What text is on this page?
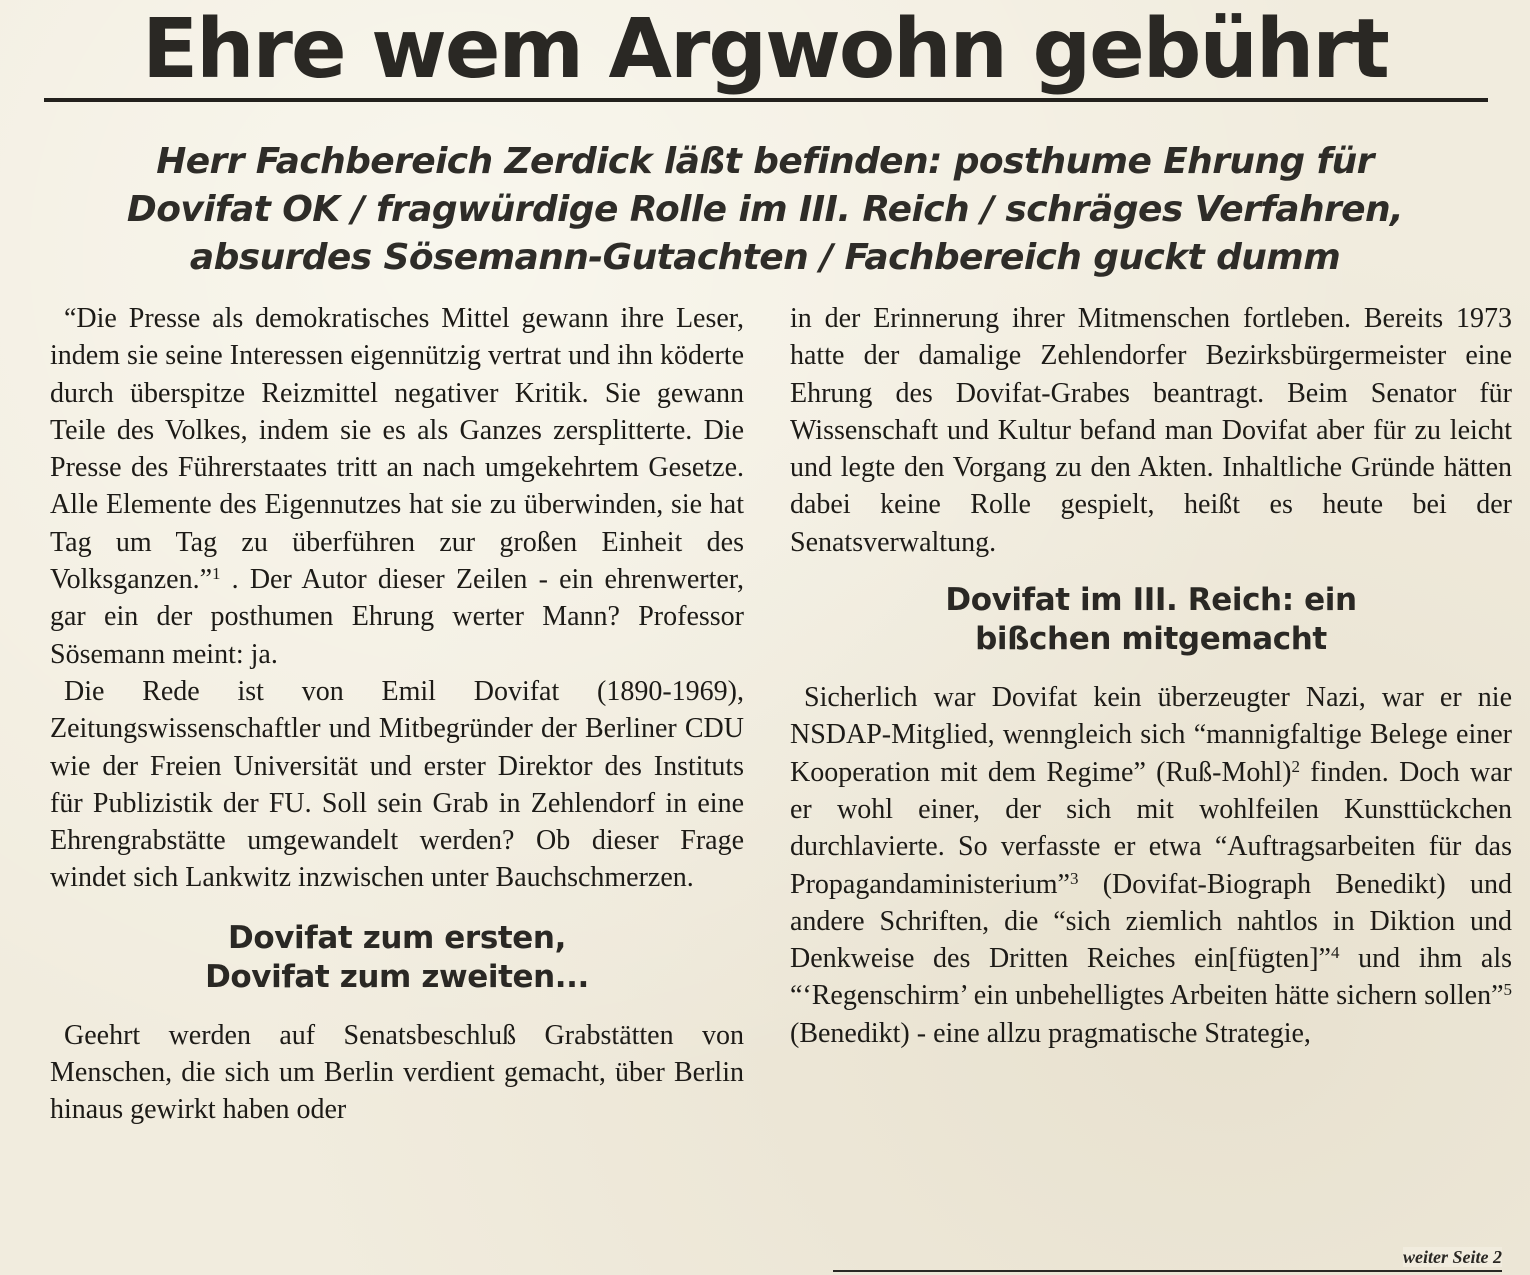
Ehre wem Argwohn gebührt
Herr Fachbereich Zerdick läßt befinden: posthume Ehrung für
Dovifat OK / fragwürdige Rolle im III. Reich / schräges Verfahren,
absurdes Sösemann-Gutachten / Fachbereich guckt dumm

“Die Presse als demokratisches Mittel gewann ihre Leser, indem sie seine Interessen eigennützig vertrat und ihn köderte durch überspitze Reizmittel negativer Kritik. Sie gewann Teile des Volkes, indem sie es als Ganzes zersplitterte. Die Presse des Führerstaates tritt an nach umgekehrtem Gesetze. Alle Elemente des Eigennutzes hat sie zu überwinden, sie hat Tag um Tag zu überführen zur großen Einheit des Volksganzen.”$^1$ . Der Autor dieser Zeilen - ein ehrenwerter, gar ein der posthumen Ehrung werter Mann? Professor Sösemann meint: ja.

Die Rede ist von Emil Dovifat (1890-1969), Zeitungswissenschaftler und Mitbegründer der Berliner CDU wie der Freien Universität und erster Direktor des Instituts für Publizistik der FU. Soll sein Grab in Zehlendorf in eine Ehrengrabstätte umgewandelt werden? Ob dieser Frage windet sich Lankwitz inzwischen unter Bauchschmerzen.

Dovifat zum ersten,

Dovifat zum zweiten...

Geehrt werden auf Senatsbeschluß Grabstätten von Menschen, die sich um Berlin verdient gemacht, über Berlin hinaus gewirkt haben oder

in der Erinnerung ihrer Mitmenschen fortleben. Bereits 1973 hatte der damalige Zehlendorfer Bezirksbürgermeister eine Ehrung des Dovifat-Grabes beantragt. Beim Senator für Wissenschaft und Kultur befand man Dovifat aber für zu leicht und legte den Vorgang zu den Akten. Inhaltliche Gründe hätten dabei keine Rolle gespielt, heißt es heute bei der Senatsverwaltung.

Dovifat im III. Reich: ein

bißchen mitgemacht

Sicherlich war Dovifat kein überzeugter Nazi, war er nie NSDAP-Mitglied, wenngleich sich “mannigfaltige Belege einer Kooperation mit dem Regime” (Ruß-Mohl)$^2$ finden. Doch war er wohl einer, der sich mit wohlfeilen Kunsttückchen durchlavierte. So verfasste er etwa “Auftragsarbeiten für das Propagandaministerium”$^3$ (Dovifat-Biograph Benedikt) und andere Schriften, die “sich ziemlich nahtlos in Diktion und Denkweise des Dritten Reiches ein[fügten]”$^4$ und ihm als “‘Regenschirm’ ein unbehelligtes Arbeiten hätte sichern sollen”$^5$ (Benedikt) - eine allzu pragmatische Strategie,

weiter Seite 2
